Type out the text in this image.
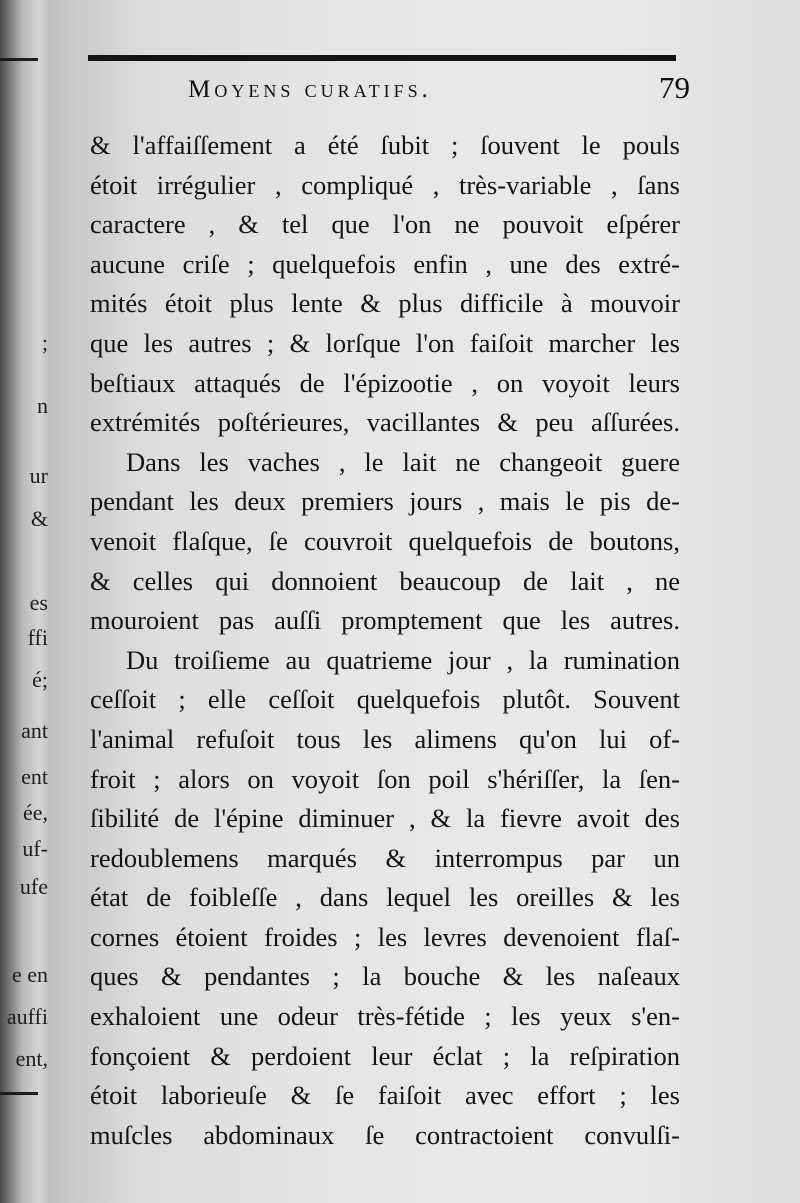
;
n
ur
&
es
ffi
é;
ant
ent
ée,
uf-
ufe
e en
auffi
ent,
Moyens curatifs.	79
& l'affaiſſement a été ſubit ; ſouvent le pouls
étoit irrégulier , compliqué , très-variable , ſans
caractere , & tel que l'on ne pouvoit eſpérer
aucune criſe ; quelquefois enfin , une des extré-
mités étoit plus lente & plus difficile à mouvoir
que les autres ; & lorſque l'on faiſoit marcher les
beſtiaux attaqués de l'épizootie , on voyoit leurs
extrémités poſtérieures, vacillantes & peu aſſurées.
Dans les vaches , le lait ne changeoit guere
pendant les deux premiers jours , mais le pis de-
venoit flaſque, ſe couvroit quelquefois de boutons,
& celles qui donnoient beaucoup de lait , ne
mouroient pas auſſi promptement que les autres.
Du troiſieme au quatrieme jour , la rumination
ceſſoit ; elle ceſſoit quelquefois plutôt. Souvent
l'animal refuſoit tous les alimens qu'on lui of-
froit ; alors on voyoit ſon poil s'hériſſer, la ſen-
ſibilité de l'épine diminuer , & la fievre avoit des
redoublemens marqués & interrompus par un
état de foibleſſe , dans lequel les oreilles & les
cornes étoient froides ; les levres devenoient flaſ-
ques & pendantes ; la bouche & les naſeaux
exhaloient une odeur très-fétide ; les yeux s'en-
fonçoient & perdoient leur éclat ; la reſpiration
étoit laborieuſe & ſe faiſoit avec effort ; les
muſcles abdominaux ſe contractoient convulſi-
